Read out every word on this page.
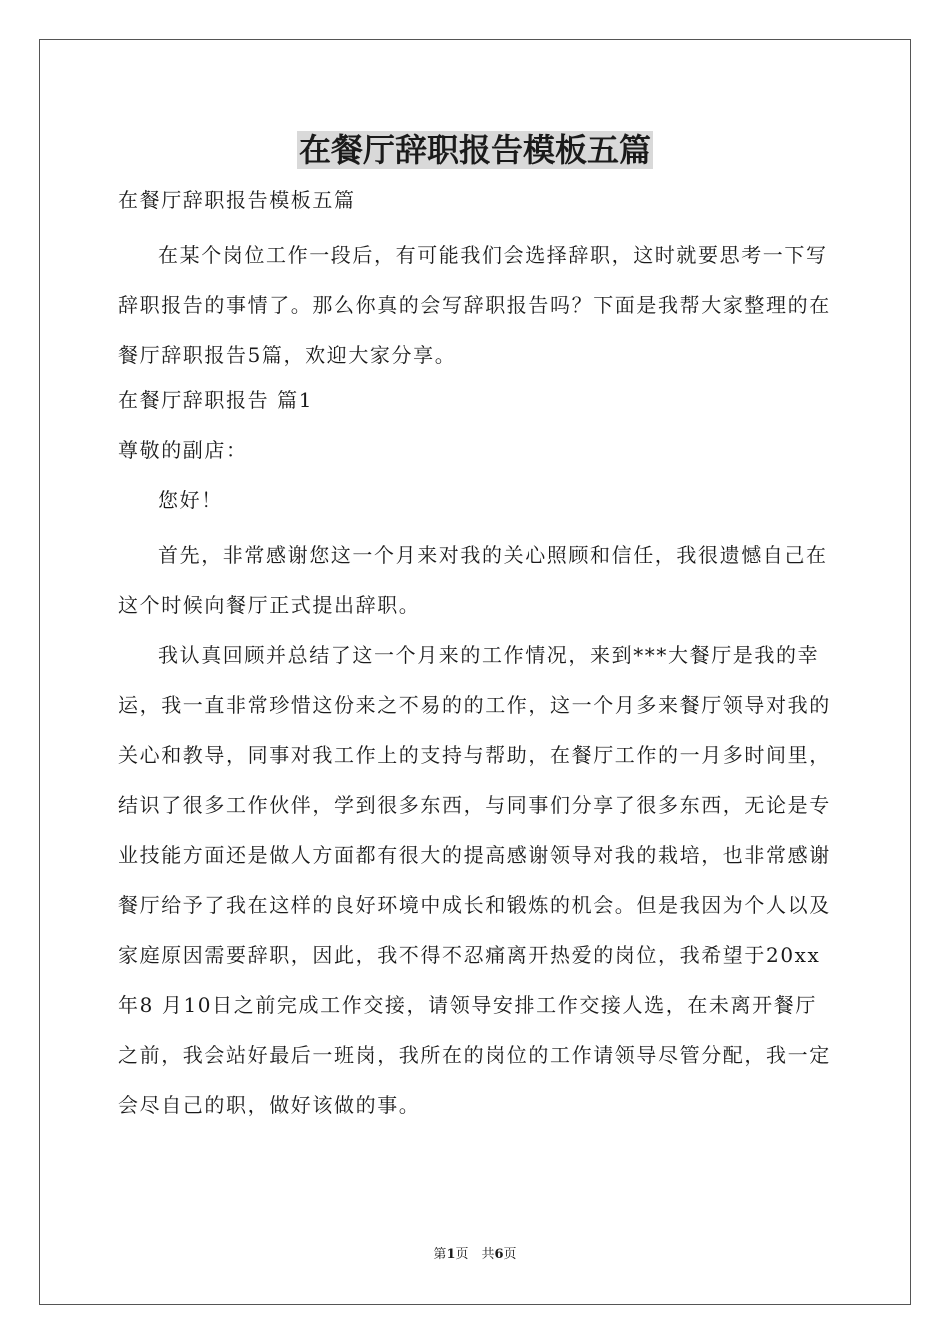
在餐厅辞职报告模板五篇

在餐厅辞职报告模板五篇

在某个岗位工作一段后，有可能我们会选择辞职，这时就要思考一下写辞职报告的事情了。那么你真的会写辞职报告吗？下面是我帮大家整理的在餐厅辞职报告5篇，欢迎大家分享。

在餐厅辞职报告 篇1

尊敬的副店：

您好！

首先，非常感谢您这一个月来对我的关心照顾和信任，我很遗憾自己在这个时候向餐厅正式提出辞职。

我认真回顾并总结了这一个月来的工作情况，来到***大餐厅是我的幸运，我一直非常珍惜这份来之不易的的工作，这一个月多来餐厅领导对我的关心和教导，同事对我工作上的支持与帮助，在餐厅工作的一月多时间里，结识了很多工作伙伴，学到很多东西，与同事们分享了很多东西，无论是专业技能方面还是做人方面都有很大的提高感谢领导对我的栽培，也非常感谢餐厅给予了我在这样的良好环境中成长和锻炼的机会。但是我因为个人以及家庭原因需要辞职，因此，我不得不忍痛离开热爱的岗位，我希望于20xx年8 月10日之前完成工作交接，请领导安排工作交接人选，在未离开餐厅之前，我会站好最后一班岗，我所在的岗位的工作请领导尽管分配，我一定会尽自己的职，做好该做的事。

第1页　共6页
